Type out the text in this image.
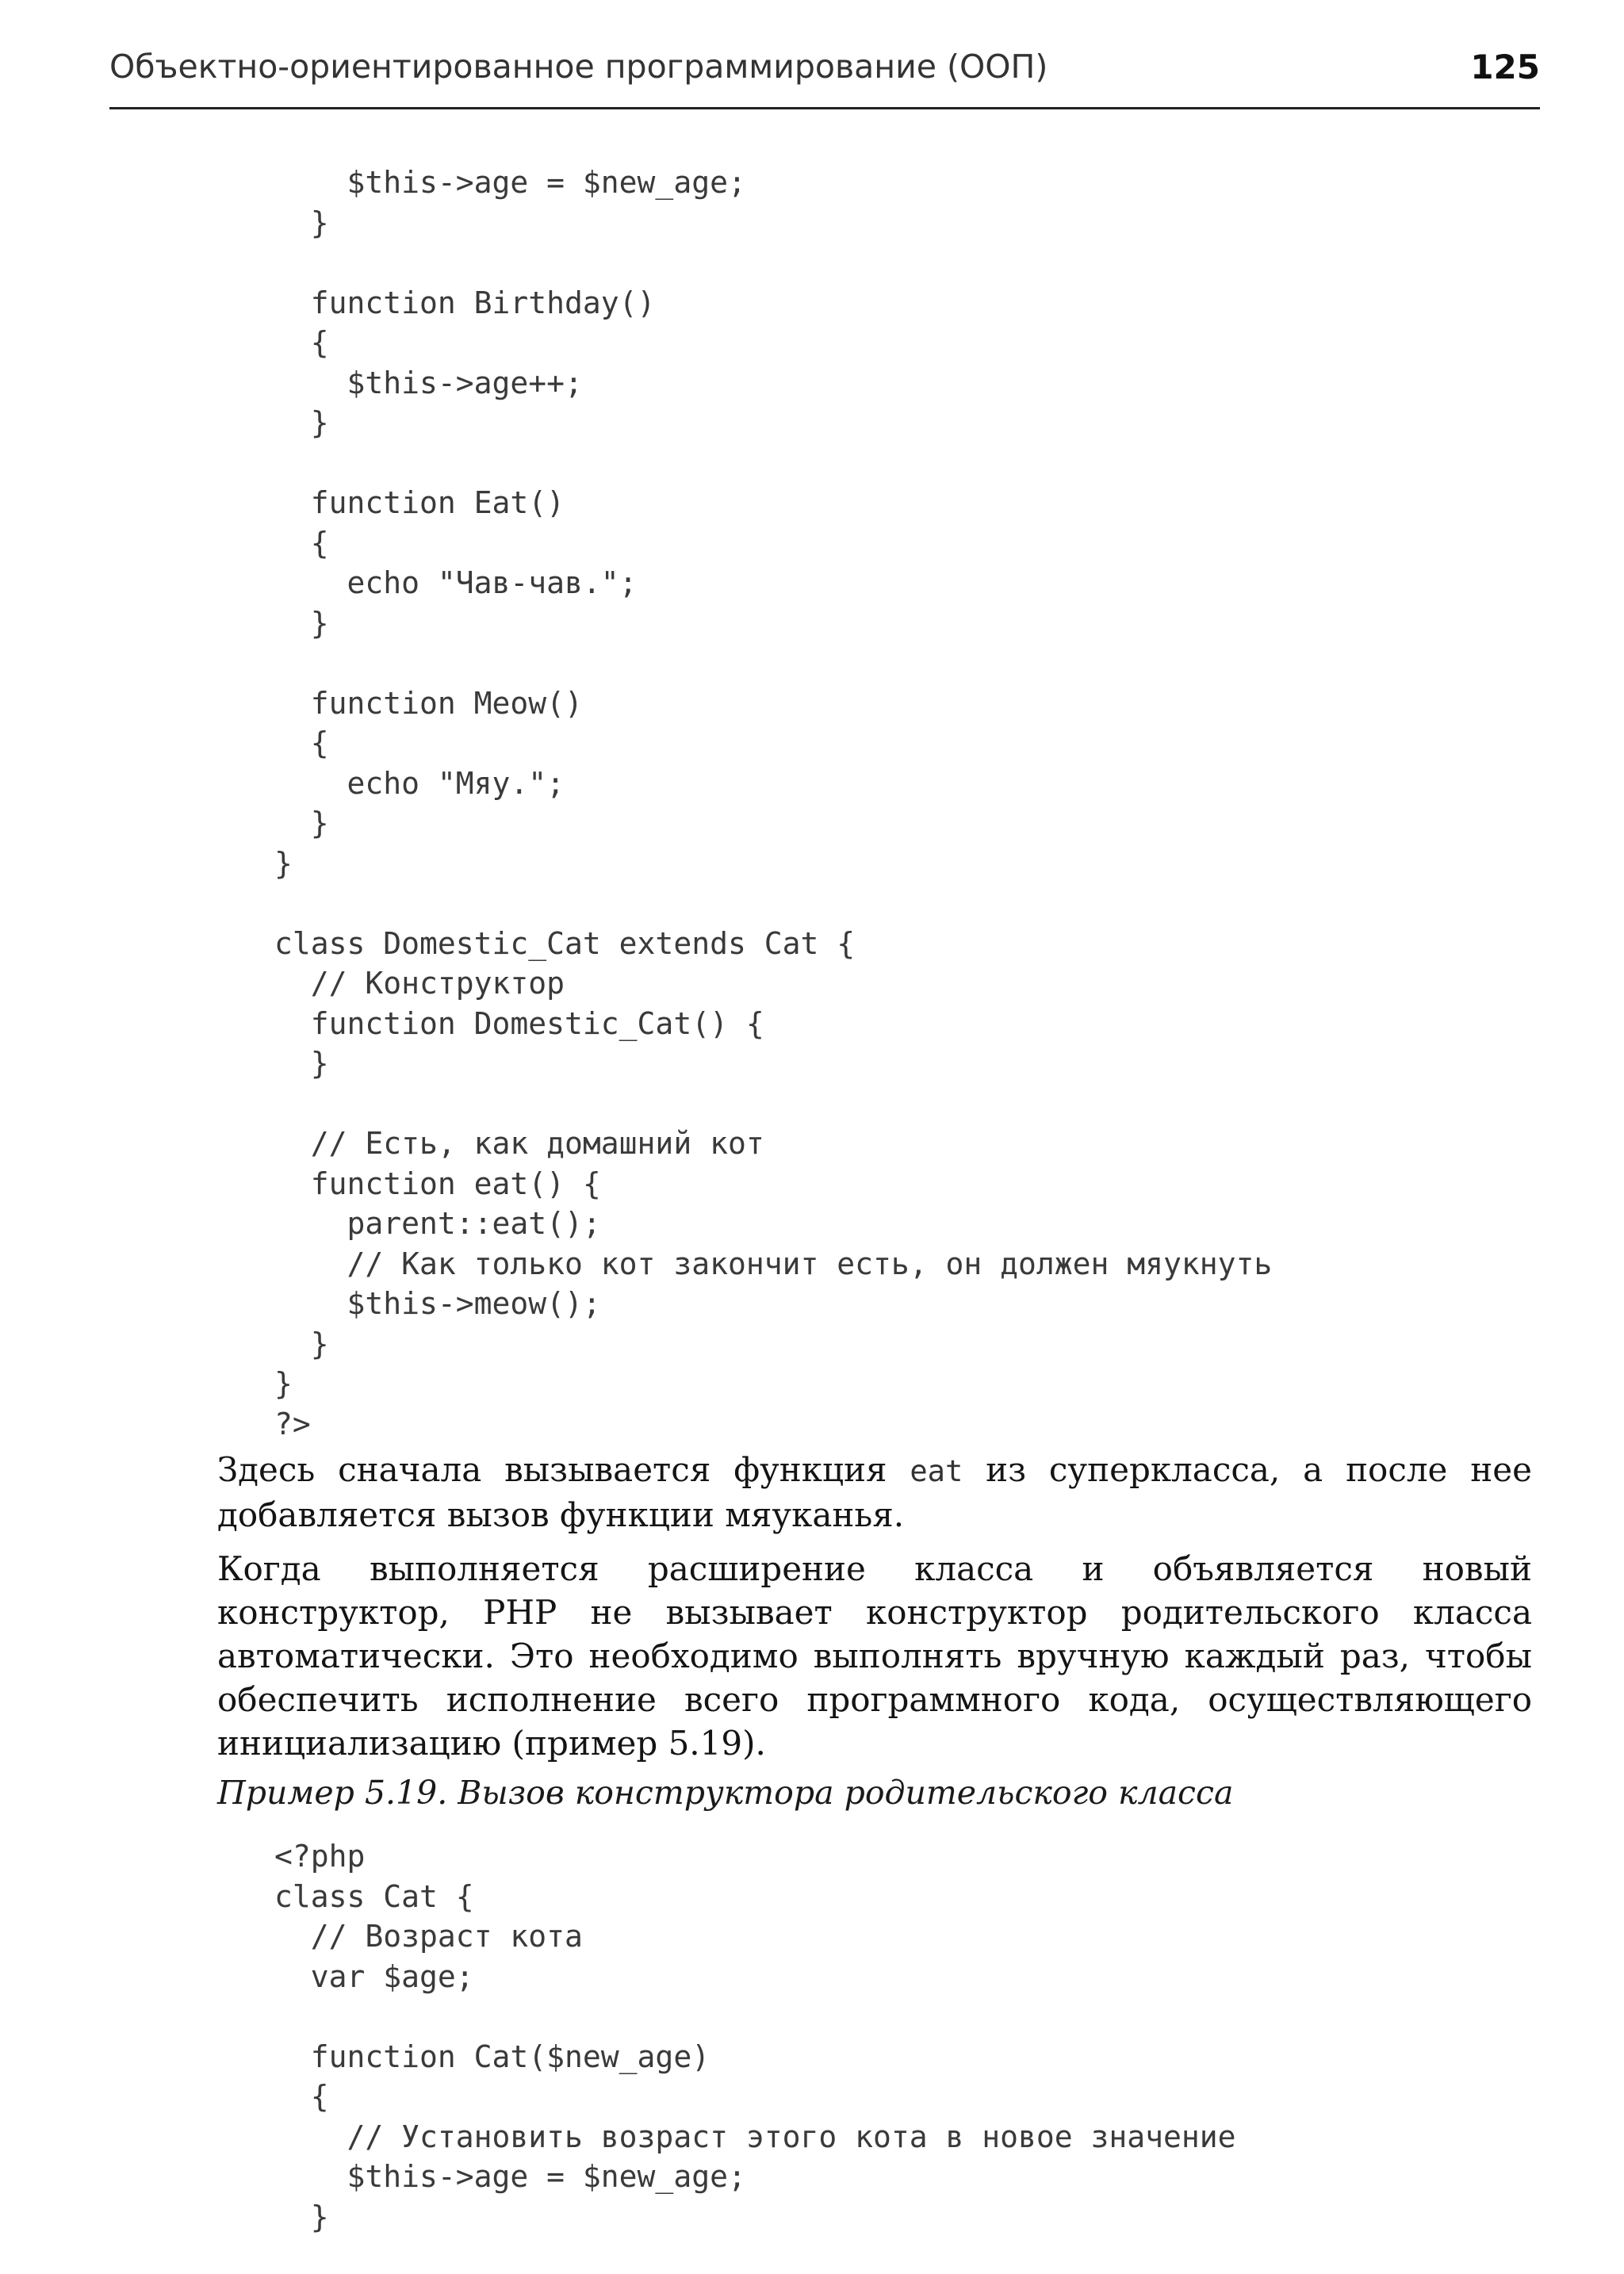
Объектно-ориентированное программирование (ООП)	125
$this->age = $new_age;
}
function Birthday()
{
$this->age++;
}
function Eat()
{
echo "Чав-чав.";
}
function Meow()
{
echo "Мяу.";
}
}
class Domestic_Cat extends Cat {
// Конструктор
function Domestic_Cat() {
}
// Есть, как домашний кот
function eat() {
parent::eat();
// Как только кот закончит есть, он должен мяукнуть
$this->meow();
}
}
?>

Здесь сначала вызывается функция eat из суперкласса, а после нее добавляется вызов функции мяуканья.

Когда выполняется расширение класса и объявляется новый конструктор, PHP не вызывает конструктор родительского класса автоматически. Это необходимо выполнять вручную каждый раз, чтобы обеспечить исполнение всего программного кода, осуществляющего инициализацию (пример 5.19).

Пример 5.19. Вызов конструктора родительского класса
<?php
class Cat {
// Возраст кота
var $age;
function Cat($new_age)
{
// Установить возраст этого кота в новое значение
$this->age = $new_age;
}
